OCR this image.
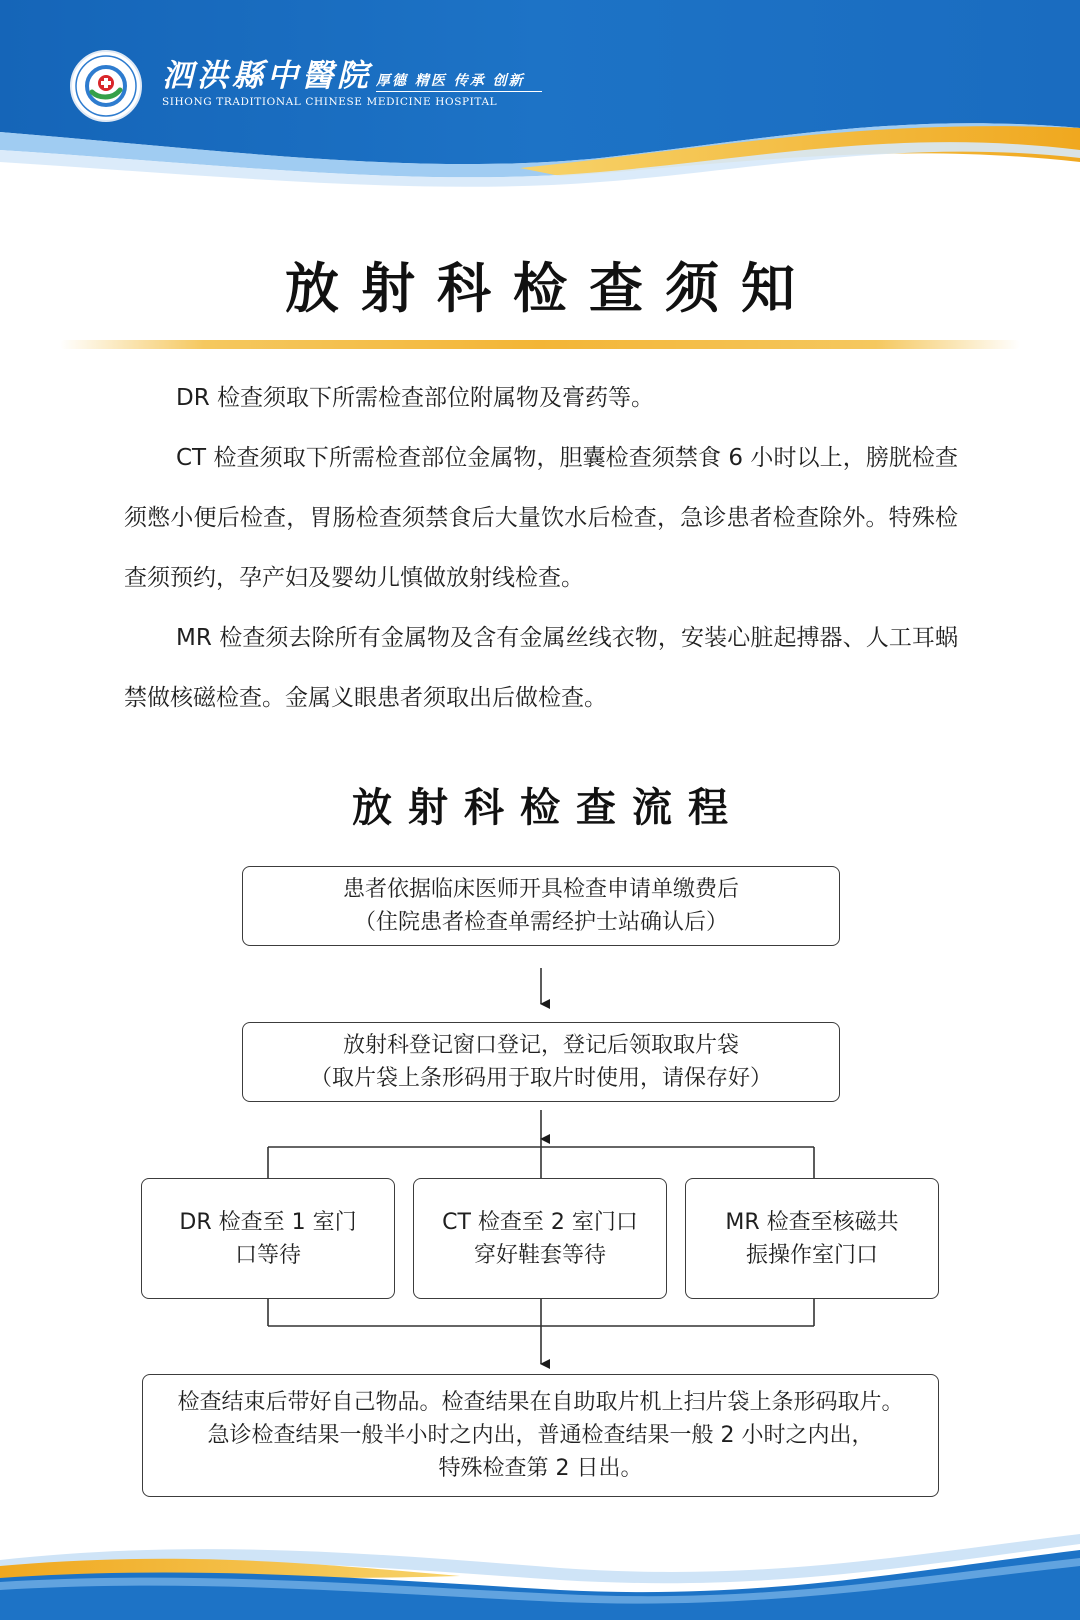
泗洪縣中醫院 厚德 精医 传承 创新
SIHONG TRADITIONAL CHINESE MEDICINE HOSPITAL
放射科检查须知

DR 检查须取下所需检查部位附属物及膏药等。

CT 检查须取下所需检查部位金属物，胆囊检查须禁食 6 小时以上，膀胱检查须憋小便后检查，胃肠检查须禁食后大量饮水后检查，急诊患者检查除外。特殊检查须预约，孕产妇及婴幼儿慎做放射线检查。

MR 检查须去除所有金属物及含有金属丝线衣物，安装心脏起搏器、人工耳蜗禁做核磁检查。金属义眼患者须取出后做检查。

放射科检查流程
患者依据临床医师开具检查申请单缴费后
（住院患者检查单需经护士站确认后）
放射科登记窗口登记，登记后领取取片袋
（取片袋上条形码用于取片时使用，请保存好）
DR 检查至 1 室门
口等待
CT 检查至 2 室门口
穿好鞋套等待
MR 检查至核磁共
振操作室门口
检查结束后带好自己物品。检查结果在自助取片机上扫片袋上条形码取片。
急诊检查结果一般半小时之内出，普通检查结果一般 2 小时之内出，
特殊检查第 2 日出。
